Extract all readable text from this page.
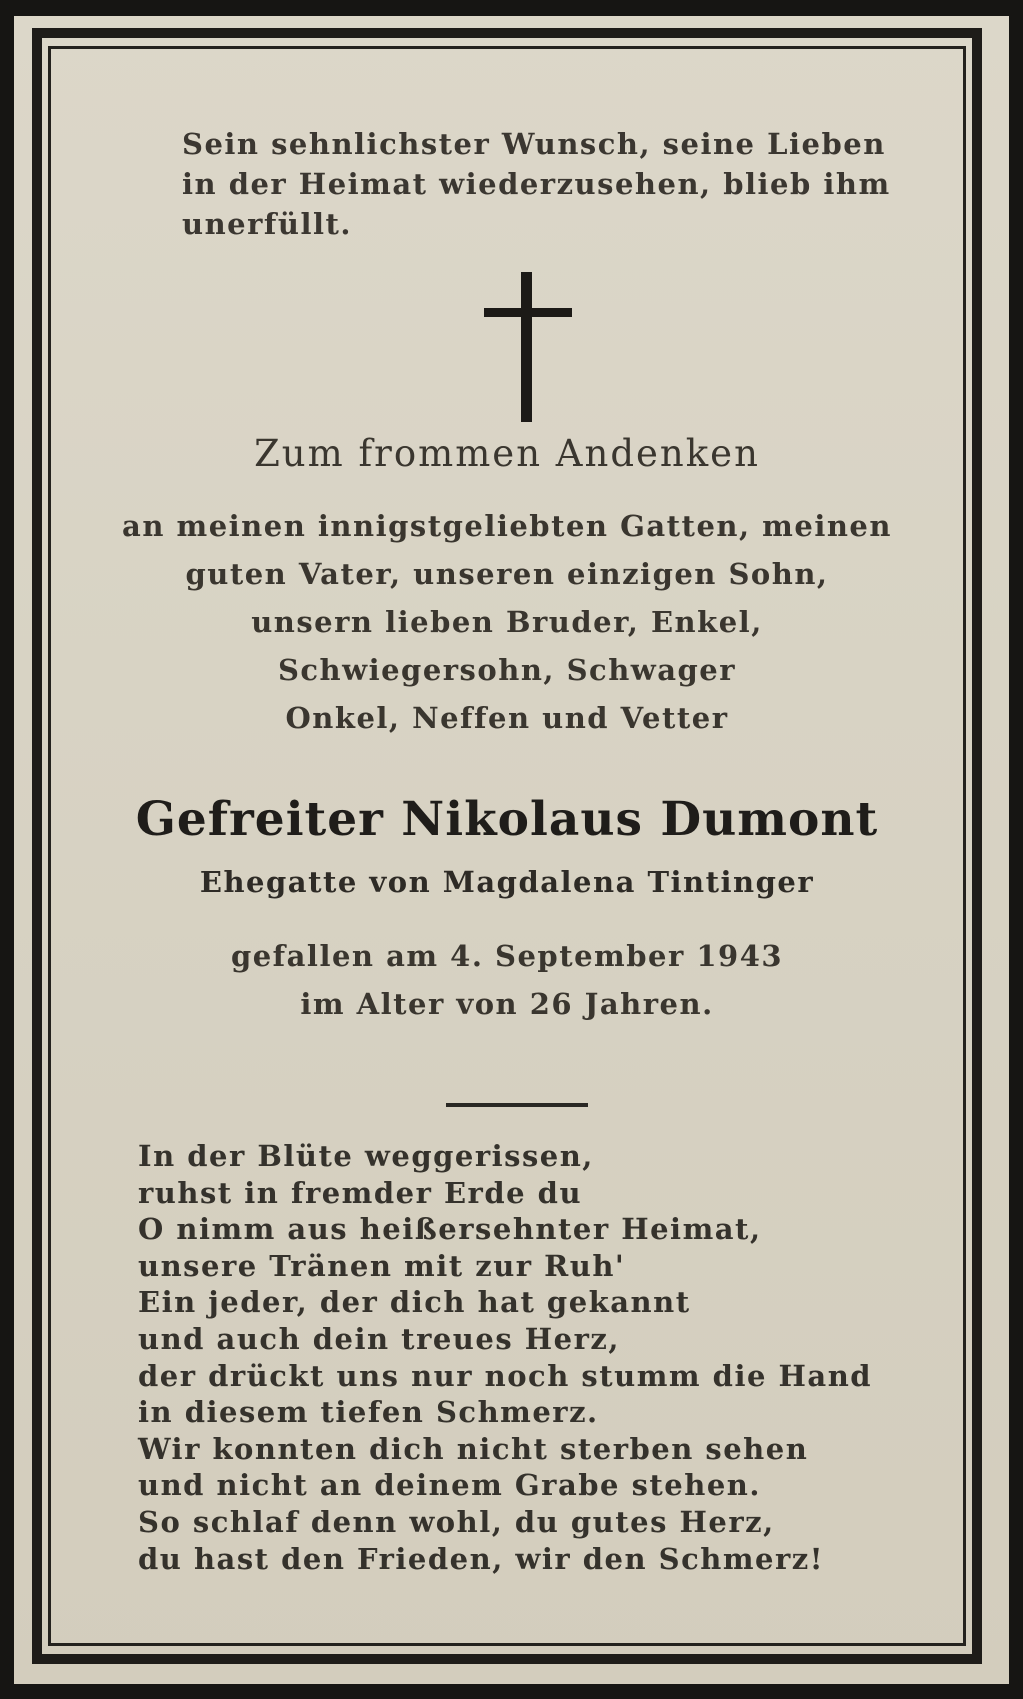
Sein sehnlichster Wunsch, seine Lieben
in der Heimat wiederzusehen, blieb ihm
unerfüllt.

Zum frommen Andenken

an meinen innigstgeliebten Gatten, meinen
guten Vater, unseren einzigen Sohn,
unsern lieben Bruder, Enkel,
Schwiegersohn, Schwager
Onkel, Neffen und Vetter

Gefreiter Nikolaus Dumont

Ehegatte von Magdalena Tintinger

gefallen am 4. September 1943
im Alter von 26 Jahren.

In der Blüte weggerissen,
ruhst in fremder Erde du
O nimm aus heißersehnter Heimat,
unsere Tränen mit zur Ruh'
Ein jeder, der dich hat gekannt
und auch dein treues Herz,
der drückt uns nur noch stumm die Hand
in diesem tiefen Schmerz.
Wir konnten dich nicht sterben sehen
und nicht an deinem Grabe stehen.
So schlaf denn wohl, du gutes Herz,
du hast den Frieden, wir den Schmerz!
